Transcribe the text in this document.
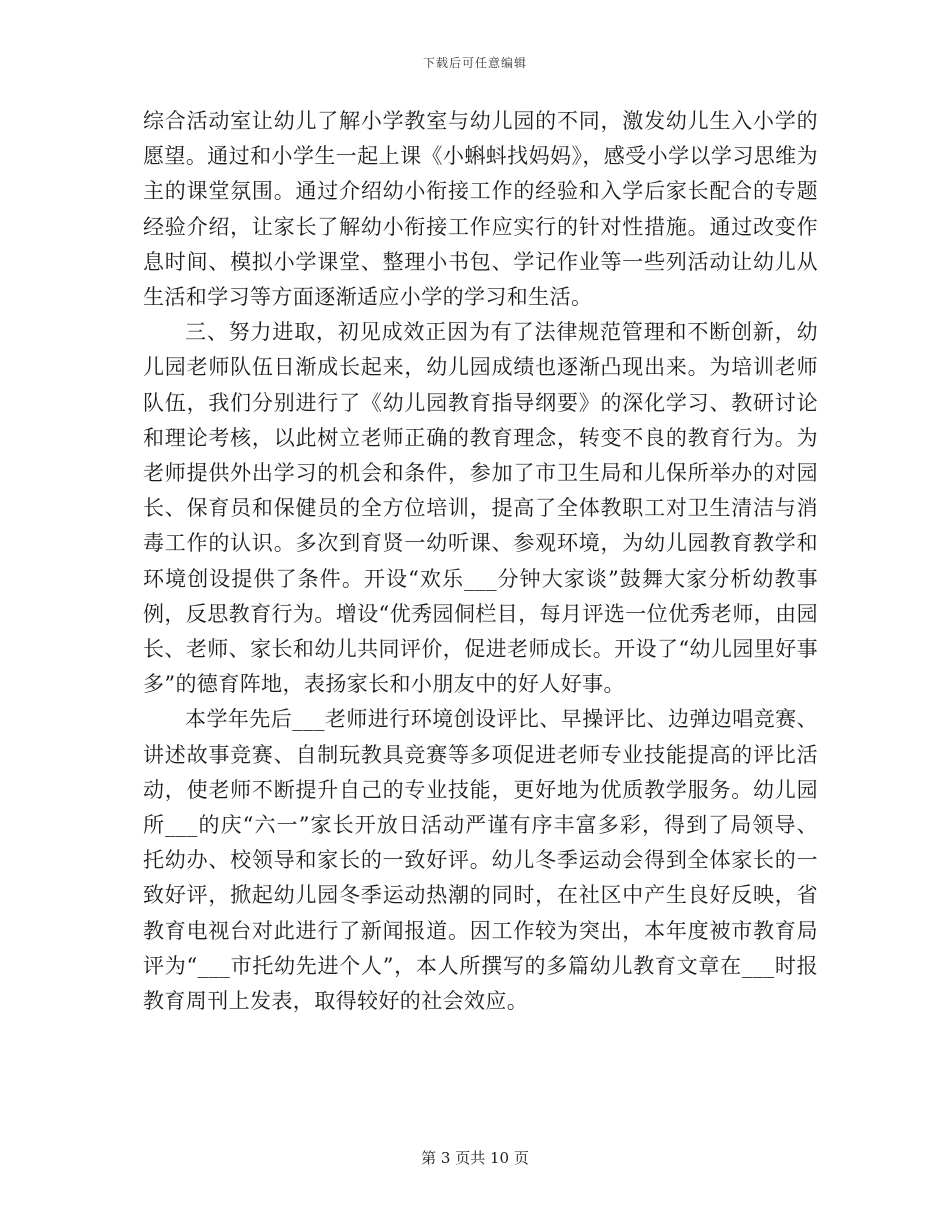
下载后可任意编辑

综合活动室让幼儿了解小学教室与幼儿园的不同，激发幼儿生入小学的愿望。通过和小学生一起上课《小蝌蚪找妈妈》，感受小学以学习思维为主的课堂氛围。通过介绍幼小衔接工作的经验和入学后家长配合的专题经验介绍，让家长了解幼小衔接工作应实行的针对性措施。通过改变作息时间、模拟小学课堂、整理小书包、学记作业等一些列活动让幼儿从生活和学习等方面逐渐适应小学的学习和生活。

三、努力进取，初见成效正因为有了法律规范管理和不断创新，幼儿园老师队伍日渐成长起来，幼儿园成绩也逐渐凸现出来。为培训老师队伍，我们分别进行了《幼儿园教育指导纲要》的深化学习、教研讨论和理论考核，以此树立老师正确的教育理念，转变不良的教育行为。为老师提供外出学习的机会和条件，参加了市卫生局和儿保所举办的对园长、保育员和保健员的全方位培训，提高了全体教职工对卫生清洁与消毒工作的认识。多次到育贤一幼听课、参观环境，为幼儿园教育教学和环境创设提供了条件。开设“欢乐___分钟大家谈”鼓舞大家分析幼教事例，反思教育行为。增设“优秀园侗栏目，每月评选一位优秀老师，由园长、老师、家长和幼儿共同评价，促进老师成长。开设了“幼儿园里好事多”的德育阵地，表扬家长和小朋友中的好人好事。

本学年先后___老师进行环境创设评比、早操评比、边弹边唱竞赛、讲述故事竞赛、自制玩教具竞赛等多项促进老师专业技能提高的评比活动，使老师不断提升自己的专业技能，更好地为优质教学服务。幼儿园所___的庆“六一”家长开放日活动严谨有序丰富多彩，得到了局领导、托幼办、校领导和家长的一致好评。幼儿冬季运动会得到全体家长的一致好评，掀起幼儿园冬季运动热潮的同时，在社区中产生良好反映，省教育电视台对此进行了新闻报道。因工作较为突出，本年度被市教育局评为“___市托幼先进个人”，本人所撰写的多篇幼儿教育文章在___时报教育周刊上发表，取得较好的社会效应。

第 3 页共 10 页
